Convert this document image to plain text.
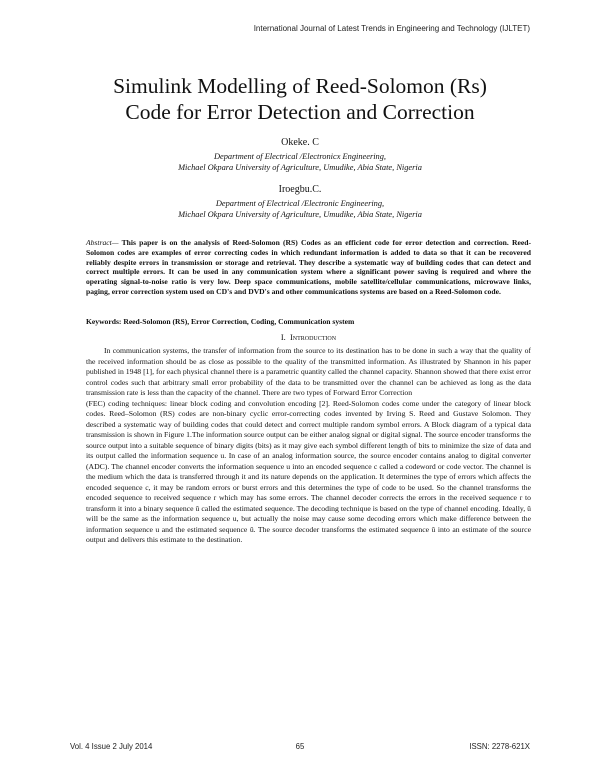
International Journal of Latest Trends in Engineering and Technology (IJLTET)
Simulink Modelling of Reed-Solomon (Rs)
Code for Error Detection and Correction
Okeke. C
Department of Electrical /Electronicx Engineering,
Michael Okpara University of Agriculture, Umudike, Abia State, Nigeria
Iroegbu.C.
Department of Electrical /Electronic Engineering,
Michael Okpara University of Agriculture, Umudike, Abia State, Nigeria
Abstract— This paper is on the analysis of Reed-Solomon (RS) Codes as an efficient code for error detection and correction. Reed-Solomon codes are examples of error correcting codes in which redundant information is added to data so that it can be recovered reliably despite errors in transmission or storage and retrieval. They describe a systematic way of building codes that can detect and correct multiple errors. It can be used in any communication system where a significant power saving is required and where the operating signal-to-noise ratio is very low. Deep space communications, mobile satellite/cellular communications, microwave links, paging, error correction system used on CD's and DVD's and other communications systems are based on a Reed-Solomon code.
Keywords: Reed-Solomon (RS), Error Correction, Coding, Communication system
I. Introduction

In communication systems, the transfer of information from the source to its destination has to be done in such a way that the quality of the received information should be as close as possible to the quality of the transmitted information. As illustrated by Shannon in his paper published in 1948 [1], for each physical channel there is a parametric quantity called the channel capacity. Shannon showed that there exist error control codes such that arbitrary small error probability of the data to be transmitted over the channel can be achieved as long as the data transmission rate is less than the capacity of the channel. There are two types of Forward Error Correction

(FEC) coding techniques: linear block coding and convolution encoding [2]. Reed-Solomon codes come under the category of linear block codes. Reed–Solomon (RS) codes are non-binary cyclic error-correcting codes invented by Irving S. Reed and Gustave Solomon. They described a systematic way of building codes that could detect and correct multiple random symbol errors. A Block diagram of a typical data transmission is shown in Figure 1.The information source output can be either analog signal or digital signal. The source encoder transforms the source output into a suitable sequence of binary digits (bits) as it may give each symbol different length of bits to minimize the size of data and its output called the information sequence u. In case of an analog information source, the source encoder contains analog to digital converter (ADC). The channel encoder converts the information sequence u into an encoded sequence c called a codeword or code vector. The channel is the medium which the data is transferred through it and its nature depends on the application. It determines the type of errors which affects the encoded sequence c, it may be random errors or burst errors and this determines the type of code to be used. So the channel transforms the encoded sequence to received sequence r which may has some errors. The channel decoder corrects the errors in the received sequence r to transform it into a binary sequence û called the estimated sequence. The decoding technique is based on the type of channel encoding. Ideally, û will be the same as the information sequence u, but actually the noise may cause some decoding errors which make difference between the information sequence u and the estimated sequence û. The source decoder transforms the estimated sequence û into an estimate of the source output and delivers this estimate to the destination.

Vol. 4 Issue 2 July 2014	65	ISSN: 2278-621X
